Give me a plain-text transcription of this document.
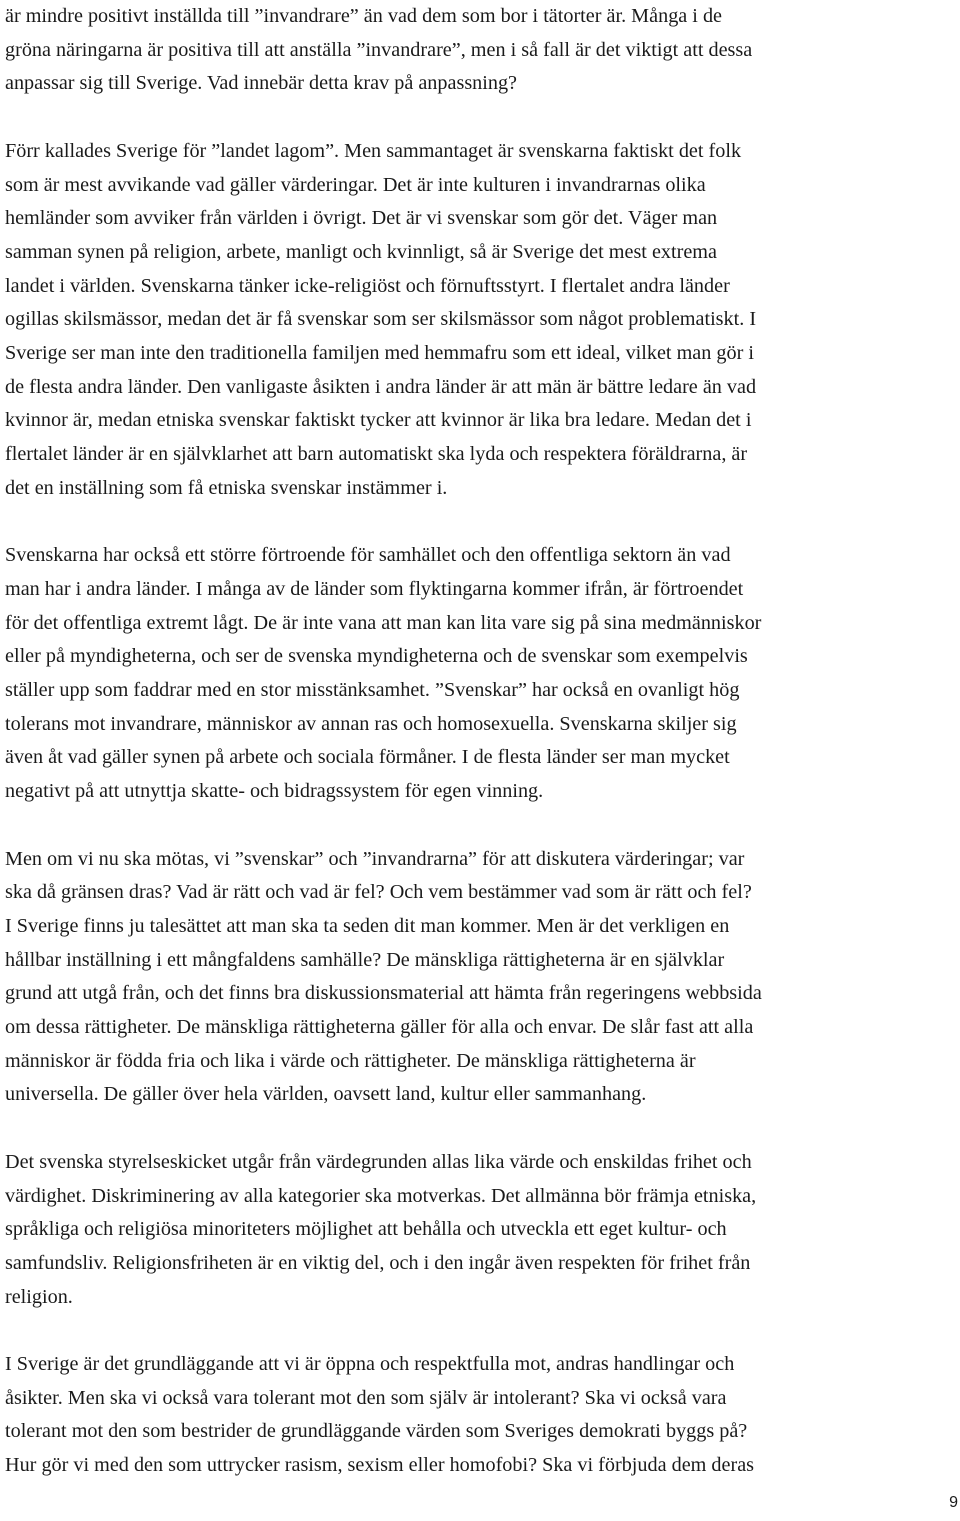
är mindre positivt inställda till ”invandrare” än vad dem som bor i tätorter är. Många i de
gröna näringarna är positiva till att anställa ”invandrare”, men i så fall är det viktigt att dessa
anpassar sig till Sverige. Vad innebär detta krav på anpassning?

Förr kallades Sverige för ”landet lagom”. Men sammantaget är svenskarna faktiskt det folk
som är mest avvikande vad gäller värderingar. Det är inte kulturen i invandrarnas olika
hemländer som avviker från världen i övrigt. Det är vi svenskar som gör det. Väger man
samman synen på religion, arbete, manligt och kvinnligt, så är Sverige det mest extrema
landet i världen. Svenskarna tänker icke-religiöst och förnuftsstyrt. I flertalet andra länder
ogillas skilsmässor, medan det är få svenskar som ser skilsmässor som något problematiskt. I
Sverige ser man inte den traditionella familjen med hemmafru som ett ideal, vilket man gör i
de flesta andra länder. Den vanligaste åsikten i andra länder är att män är bättre ledare än vad
kvinnor är, medan etniska svenskar faktiskt tycker att kvinnor är lika bra ledare. Medan det i
flertalet länder är en självklarhet att barn automatiskt ska lyda och respektera föräldrarna, är
det en inställning som få etniska svenskar instämmer i.

Svenskarna har också ett större förtroende för samhället och den offentliga sektorn än vad
man har i andra länder. I många av de länder som flyktingarna kommer ifrån, är förtroendet
för det offentliga extremt lågt. De är inte vana att man kan lita vare sig på sina medmänniskor
eller på myndigheterna, och ser de svenska myndigheterna och de svenskar som exempelvis
ställer upp som faddrar med en stor misstänksamhet. ”Svenskar” har också en ovanligt hög
tolerans mot invandrare, människor av annan ras och homosexuella. Svenskarna skiljer sig
även åt vad gäller synen på arbete och sociala förmåner. I de flesta länder ser man mycket
negativt på att utnyttja skatte- och bidragssystem för egen vinning.

Men om vi nu ska mötas, vi ”svenskar” och ”invandrarna” för att diskutera värderingar; var
ska då gränsen dras? Vad är rätt och vad är fel? Och vem bestämmer vad som är rätt och fel?
I Sverige finns ju talesättet att man ska ta seden dit man kommer. Men är det verkligen en
hållbar inställning i ett mångfaldens samhälle? De mänskliga rättigheterna är en självklar
grund att utgå från, och det finns bra diskussionsmaterial att hämta från regeringens webbsida
om dessa rättigheter. De mänskliga rättigheterna gäller för alla och envar. De slår fast att alla
människor är födda fria och lika i värde och rättigheter. De mänskliga rättigheterna är
universella. De gäller över hela världen, oavsett land, kultur eller sammanhang.

Det svenska styrelseskicket utgår från värdegrunden allas lika värde och enskildas frihet och
värdighet. Diskriminering av alla kategorier ska motverkas. Det allmänna bör främja etniska,
språkliga och religiösa minoriteters möjlighet att behålla och utveckla ett eget kultur- och
samfundsliv. Religionsfriheten är en viktig del, och i den ingår även respekten för frihet från
religion.

I Sverige är det grundläggande att vi är öppna och respektfulla mot, andras handlingar och
åsikter. Men ska vi också vara tolerant mot den som själv är intolerant? Ska vi också vara
tolerant mot den som bestrider de grundläggande värden som Sveriges demokrati byggs på?
Hur gör vi med den som uttrycker rasism, sexism eller homofobi? Ska vi förbjuda dem deras

9
